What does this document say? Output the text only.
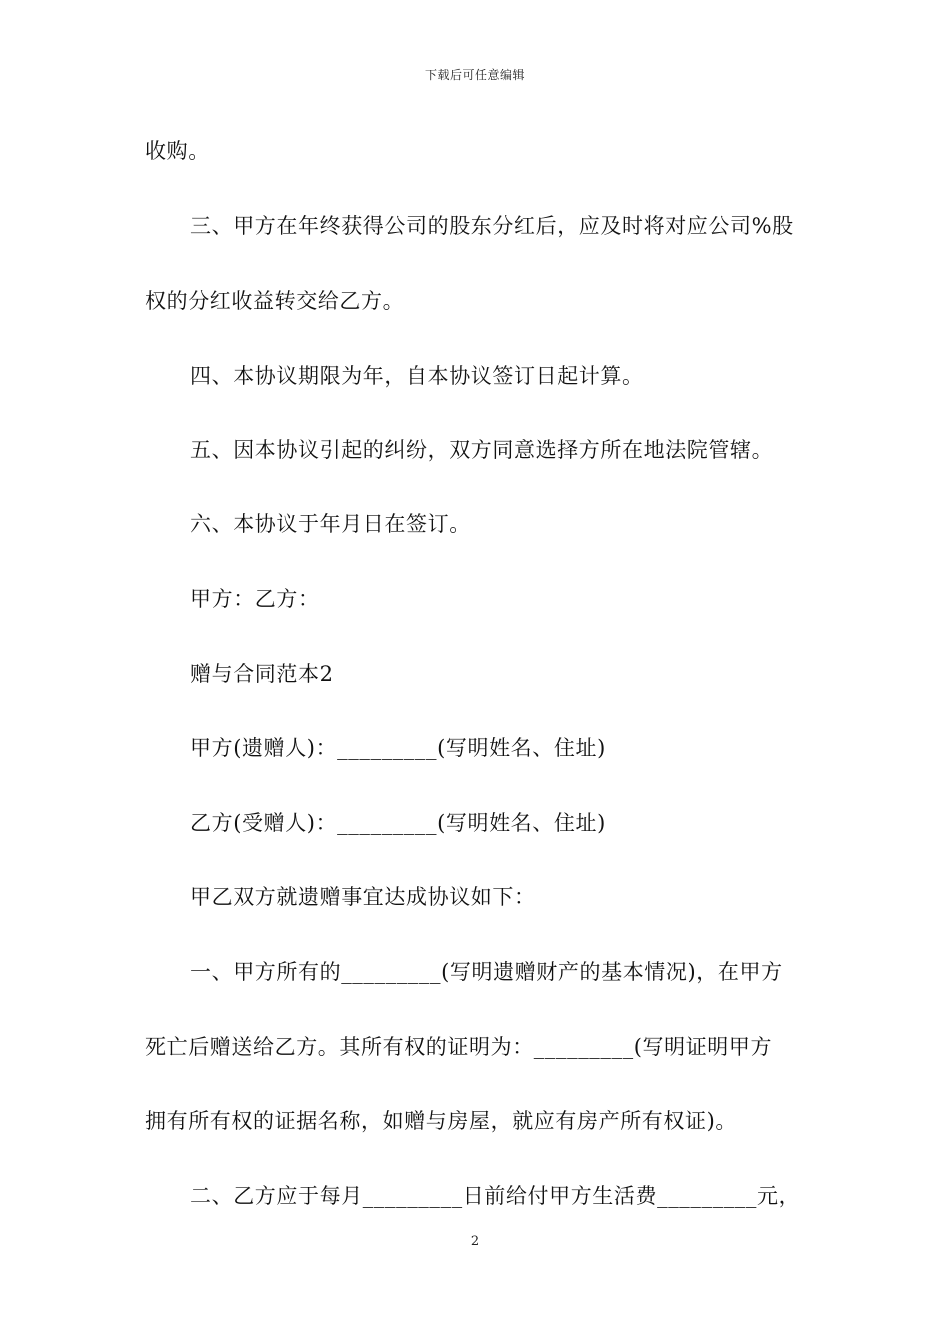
下载后可任意编辑
收购。
三、甲方在年终获得公司的股东分红后，应及时将对应公司%股
权的分红收益转交给乙方。
四、本协议期限为年，自本协议签订日起计算。
五、因本协议引起的纠纷，双方同意选择方所在地法院管辖。
六、本协议于年月日在签订。
甲方：乙方：
赠与合同范本2
甲方(遗赠人)：_________(写明姓名、住址)
乙方(受赠人)：_________(写明姓名、住址)
甲乙双方就遗赠事宜达成协议如下：
一、甲方所有的_________(写明遗赠财产的基本情况)，在甲方
死亡后赠送给乙方。其所有权的证明为：_________(写明证明甲方
拥有所有权的证据名称，如赠与房屋，就应有房产所有权证)。
二、乙方应于每月_________日前给付甲方生活费_________元，
2
